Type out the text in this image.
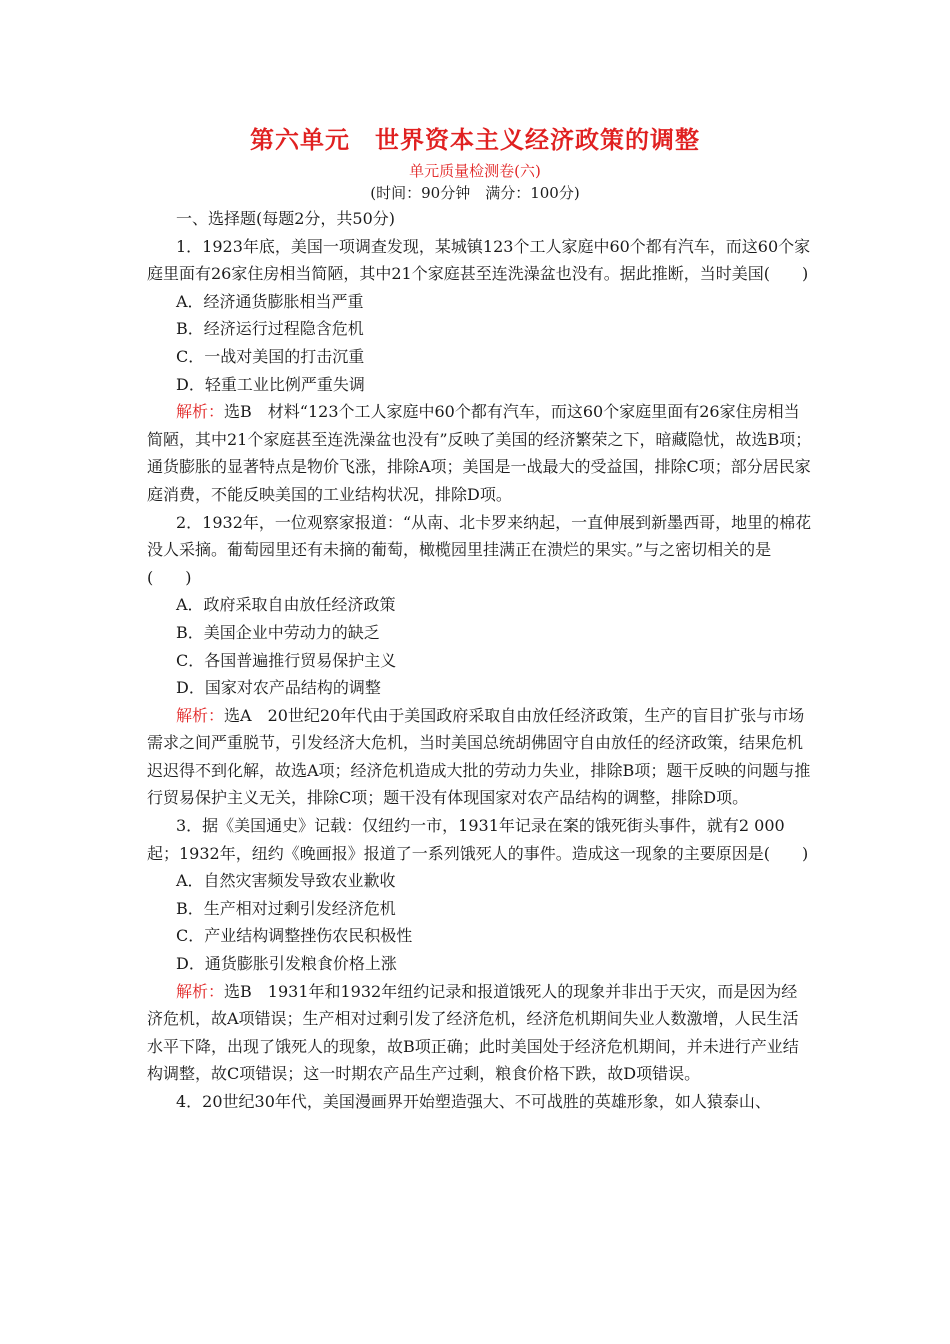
第六单元　世界资本主义经济政策的调整
单元质量检测卷(六)
(时间：90分钟　满分：100分)

一、选择题(每题2分，共50分)

1．1923年底，美国一项调查发现，某城镇123个工人家庭中60个都有汽车，而这60个家庭里面有26家住房相当简陋，其中21个家庭甚至连洗澡盆也没有。据此推断，当时美国(　　)

A．经济通货膨胀相当严重

B．经济运行过程隐含危机

C．一战对美国的打击沉重

D．轻重工业比例严重失调

解析：选B　材料“123个工人家庭中60个都有汽车，而这60个家庭里面有26家住房相当简陋，其中21个家庭甚至连洗澡盆也没有”反映了美国的经济繁荣之下，暗藏隐忧，故选B项；通货膨胀的显著特点是物价飞涨，排除A项；美国是一战最大的受益国，排除C项；部分居民家庭消费，不能反映美国的工业结构状况，排除D项。

2．1932年，一位观察家报道：“从南、北卡罗来纳起，一直伸展到新墨西哥，地里的棉花没人采摘。葡萄园里还有未摘的葡萄，橄榄园里挂满正在溃烂的果实。”与之密切相关的是(　　)

A．政府采取自由放任经济政策

B．美国企业中劳动力的缺乏

C．各国普遍推行贸易保护主义

D．国家对农产品结构的调整

解析：选A　20世纪20年代由于美国政府采取自由放任经济政策，生产的盲目扩张与市场需求之间严重脱节，引发经济大危机，当时美国总统胡佛固守自由放任的经济政策，结果危机迟迟得不到化解，故选A项；经济危机造成大批的劳动力失业，排除B项；题干反映的问题与推行贸易保护主义无关，排除C项；题干没有体现国家对农产品结构的调整，排除D项。

3．据《美国通史》记载：仅纽约一市，1931年记录在案的饿死街头事件，就有2 000起；1932年，纽约《晚画报》报道了一系列饿死人的事件。造成这一现象的主要原因是(　　)

A．自然灾害频发导致农业歉收

B．生产相对过剩引发经济危机

C．产业结构调整挫伤农民积极性

D．通货膨胀引发粮食价格上涨

解析：选B　1931年和1932年纽约记录和报道饿死人的现象并非出于天灾，而是因为经济危机，故A项错误；生产相对过剩引发了经济危机，经济危机期间失业人数激增，人民生活水平下降，出现了饿死人的现象，故B项正确；此时美国处于经济危机期间，并未进行产业结构调整，故C项错误；这一时期农产品生产过剩，粮食价格下跌，故D项错误。

4．20世纪30年代，美国漫画界开始塑造强大、不可战胜的英雄形象，如人猿泰山、
